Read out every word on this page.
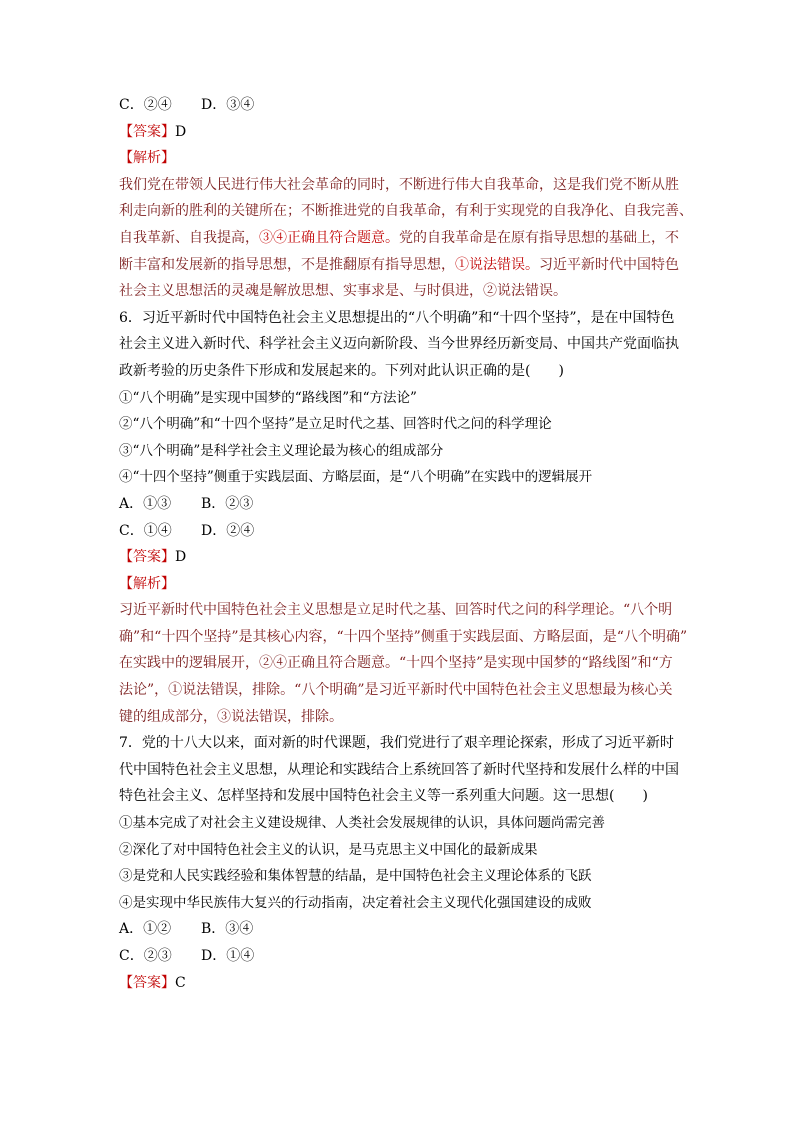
C．②④ D．③④
【答案】D
【解析】
我们党在带领人民进行伟大社会革命的同时，不断进行伟大自我革命，这是我们党不断从胜
利走向新的胜利的关键所在；不断推进党的自我革命，有利于实现党的自我净化、自我完善、
自我革新、自我提高，③④正确且符合题意。党的自我革命是在原有指导思想的基础上，不
断丰富和发展新的指导思想，不是推翻原有指导思想，①说法错误。习近平新时代中国特色
社会主义思想活的灵魂是解放思想、实事求是、与时俱进，②说法错误。
6．习近平新时代中国特色社会主义思想提出的“八个明确”和“十四个坚持”，是在中国特色
社会主义进入新时代、科学社会主义迈向新阶段、当今世界经历新变局、中国共产党面临执
政新考验的历史条件下形成和发展起来的。下列对此认识正确的是(　　)
①“八个明确”是实现中国梦的“路线图”和“方法论”
②“八个明确”和“十四个坚持”是立足时代之基、回答时代之问的科学理论
③“八个明确”是科学社会主义理论最为核心的组成部分
④“十四个坚持”侧重于实践层面、方略层面，是“八个明确”在实践中的逻辑展开
A．①③ B．②③
C．①④ D．②④
【答案】D
【解析】
习近平新时代中国特色社会主义思想是立足时代之基、回答时代之问的科学理论。“八个明
确”和“十四个坚持”是其核心内容，“十四个坚持”侧重于实践层面、方略层面，是“八个明确”
在实践中的逻辑展开，②④正确且符合题意。“十四个坚持”是实现中国梦的“路线图”和“方
法论”，①说法错误，排除。“八个明确”是习近平新时代中国特色社会主义思想最为核心关
键的组成部分，③说法错误，排除。
7．党的十八大以来，面对新的时代课题，我们党进行了艰辛理论探索，形成了习近平新时
代中国特色社会主义思想，从理论和实践结合上系统回答了新时代坚持和发展什么样的中国
特色社会主义、怎样坚持和发展中国特色社会主义等一系列重大问题。这一思想(　　)
①基本完成了对社会主义建设规律、人类社会发展规律的认识，具体问题尚需完善
②深化了对中国特色社会主义的认识，是马克思主义中国化的最新成果
③是党和人民实践经验和集体智慧的结晶，是中国特色社会主义理论体系的飞跃
④是实现中华民族伟大复兴的行动指南，决定着社会主义现代化强国建设的成败
A．①② B．③④
C．②③ D．①④
【答案】C
